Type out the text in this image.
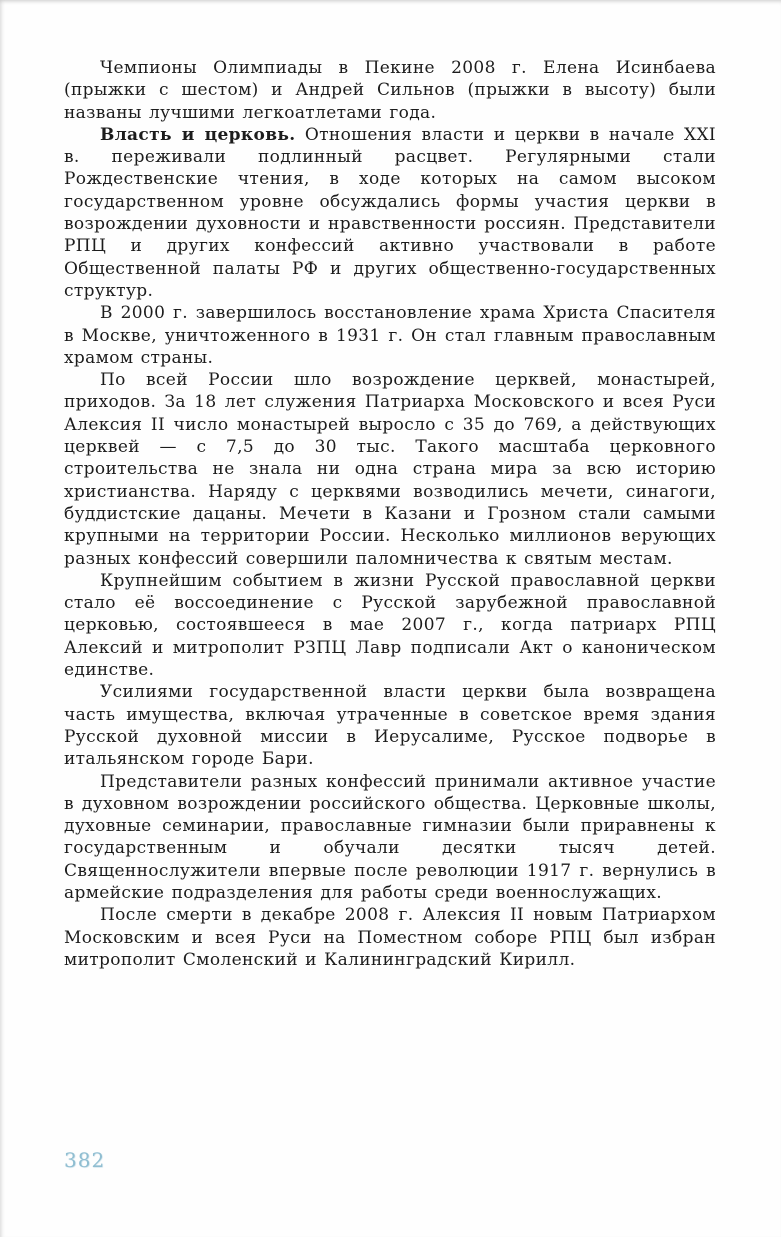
Чемпионы Олимпиады в Пекине 2008 г. Елена Исинбаева (прыжки с шестом) и Андрей Сильнов (прыжки в высоту) были названы лучшими легкоатлетами года.

Власть и церковь. Отношения власти и церкви в начале XXI в. переживали подлинный расцвет. Регулярными стали Рождественские чтения, в ходе которых на самом высоком государственном уровне обсуждались формы участия церкви в возрождении духовности и нравственности россиян. Представители РПЦ и других конфессий активно участвовали в работе Общественной палаты РФ и других общественно-государственных структур.

В 2000 г. завершилось восстановление храма Христа Спасителя в Москве, уничтоженного в 1931 г. Он стал главным православным храмом страны.

По всей России шло возрождение церквей, монастырей, приходов. За 18 лет служения Патриарха Московского и всея Руси Алексия II число монастырей выросло с 35 до 769, а действующих церквей — с 7,5 до 30 тыс. Такого масштаба церковного строительства не знала ни одна страна мира за всю историю христианства. Наряду с церквями возводились мечети, синагоги, буддистские дацаны. Мечети в Казани и Грозном стали самыми крупными на территории России. Несколько миллионов верующих разных конфессий совершили паломничества к святым местам.

Крупнейшим событием в жизни Русской православной церкви стало её воссоединение с Русской зарубежной православной церковью, состоявшееся в мае 2007 г., когда патриарх РПЦ Алексий и митрополит РЗПЦ Лавр подписали Акт о каноническом единстве.

Усилиями государственной власти церкви была возвращена часть имущества, включая утраченные в советское время здания Русской духовной миссии в Иерусалиме, Русское подворье в итальянском городе Бари.

Представители разных конфессий принимали активное участие в духовном возрождении российского общества. Церковные школы, духовные семинарии, православные гимназии были приравнены к государственным и обучали десятки тысяч детей. Священнослужители впервые после революции 1917 г. вернулись в армейские подразделения для работы среди военнослужащих.

После смерти в декабре 2008 г. Алексия II новым Патриархом Московским и всея Руси на Поместном соборе РПЦ был избран митрополит Смоленский и Калининградский Кирилл.

382
